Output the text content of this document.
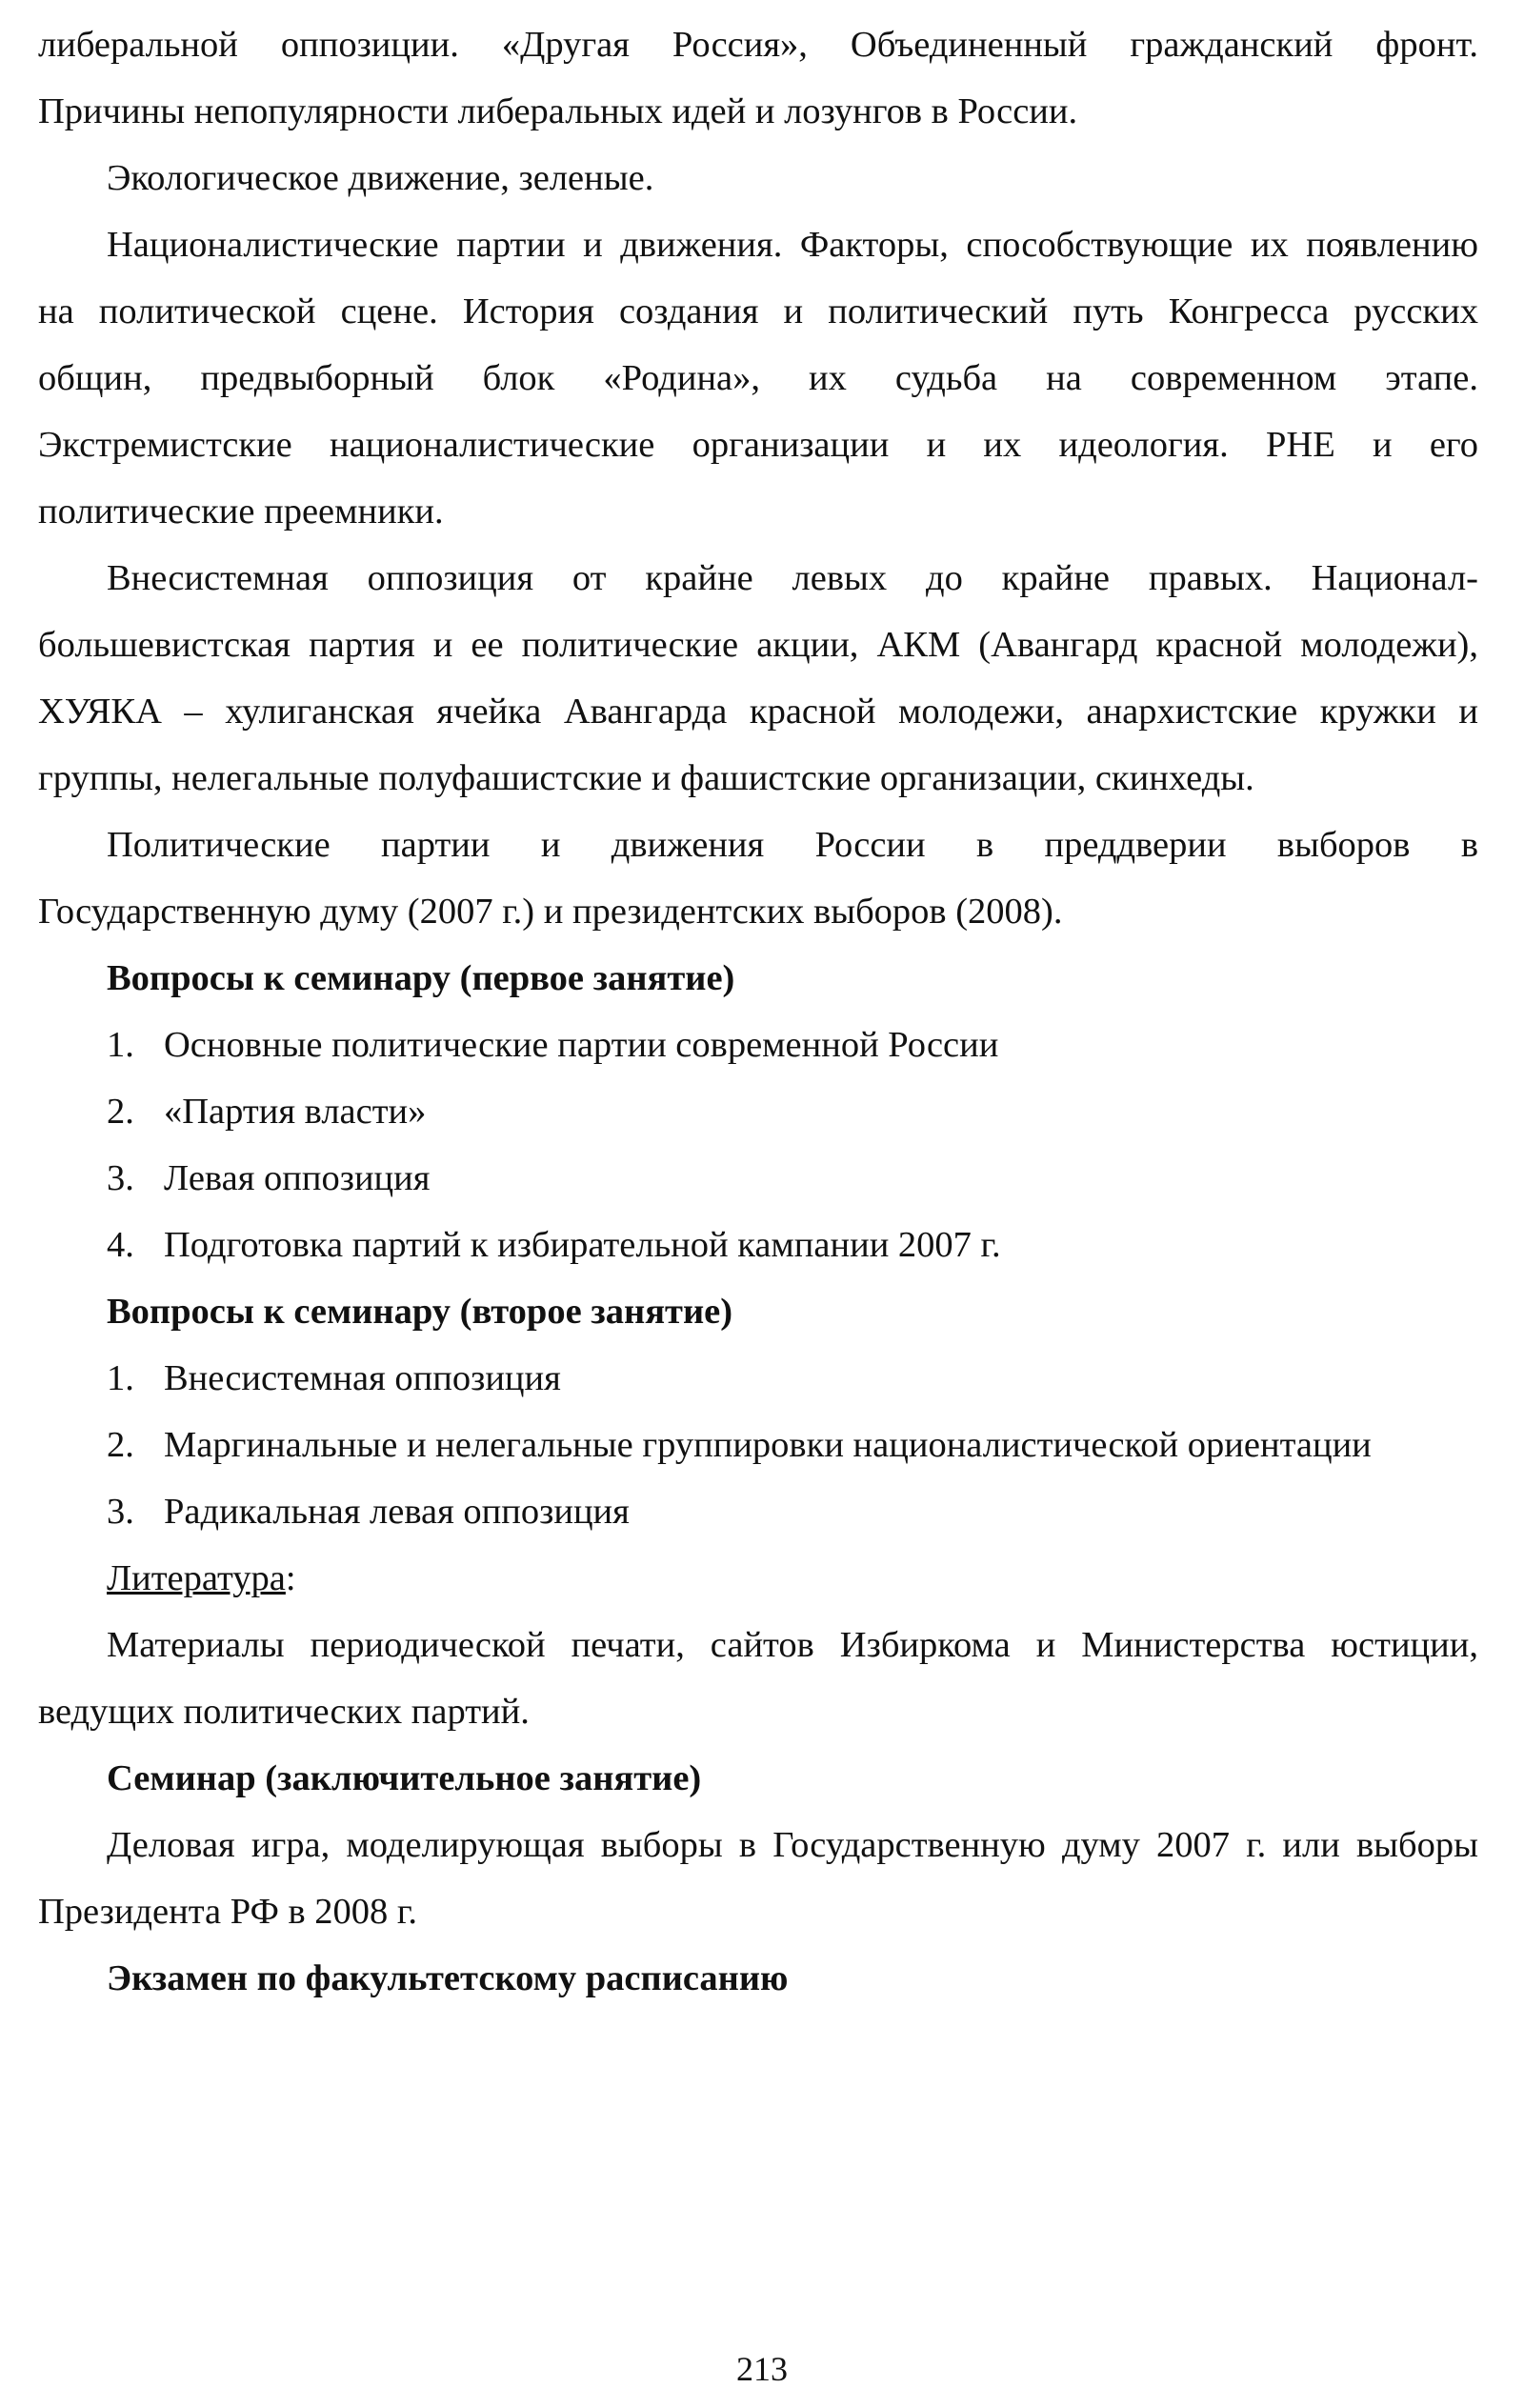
либеральной оппозиции. «Другая Россия», Объединенный гражданский фронт.

Причины непопулярности либеральных идей и лозунгов в России.

Экологическое движение, зеленые.

Националистические партии и движения. Факторы, способствующие их появлению

на политической сцене. История создания и политический путь Конгресса русских

общин, предвыборный блок «Родина», их судьба на современном этапе.

Экстремистские националистические организации и их идеология. РНЕ и его

политические преемники.

Внесистемная оппозиция от крайне левых до крайне правых. Национал-

большевистская партия и ее политические акции, АКМ (Авангард красной молодежи),

ХУЯКА – хулиганская ячейка Авангарда красной молодежи, анархистские кружки и

группы, нелегальные полуфашистские и фашистские организации, скинхеды.

Политические партии и движения России в преддверии выборов в

Государственную думу (2007 г.) и президентских выборов (2008).

Вопросы к семинару (первое занятие)

1. Основные политические партии современной России

2. «Партия власти»

3. Левая оппозиция

4. Подготовка партий к избирательной кампании 2007 г.

Вопросы к семинару (второе занятие)

1. Внесистемная оппозиция

2. Маргинальные и нелегальные группировки националистической ориентации

3. Радикальная левая оппозиция

Литература:

Материалы периодической печати, сайтов Избиркома и Министерства юстиции,

ведущих политических партий.

Семинар (заключительное занятие)

Деловая игра, моделирующая выборы в Государственную думу 2007 г. или выборы

Президента РФ в 2008 г.

Экзамен по факультетскому расписанию

213
